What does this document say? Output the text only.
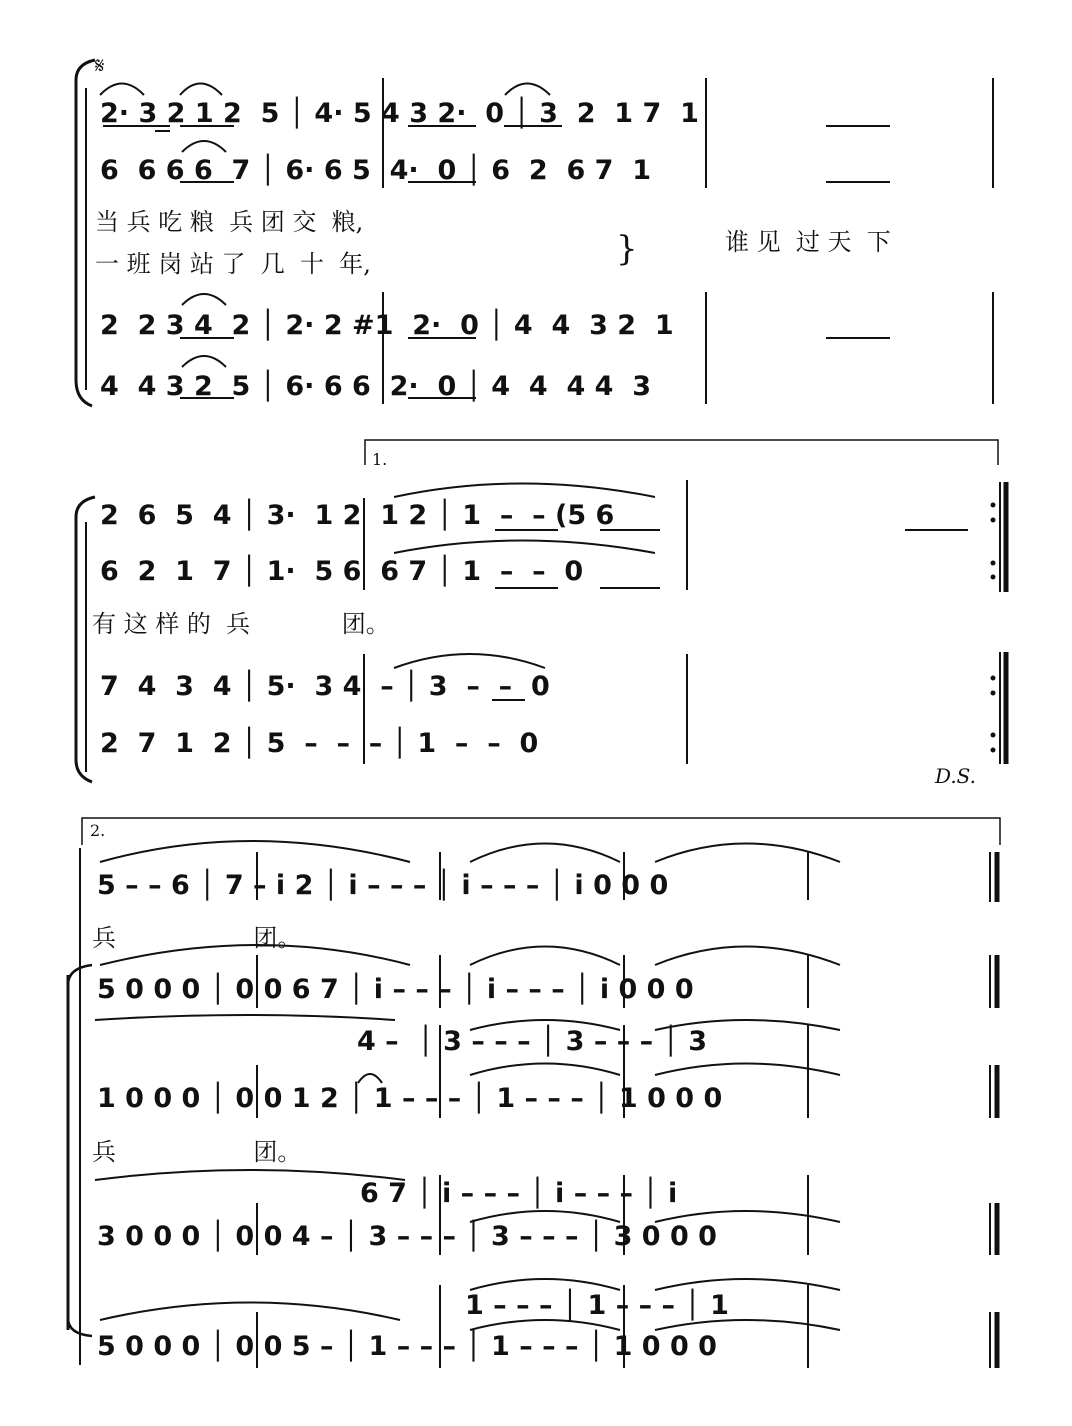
𝄋
2· 3 2 1 2  5 │ 4· 5 4 3 2·  0 │ 3  2  1 7  1
6  6 6 6  7 │ 6· 6 5  4·  0 │ 6  2  6 7  1
当 兵 吃 粮  兵 团 交  粮,
一 班 岗 站 了  几  十  年,	}	谁 见  过 天  下
2  2 3 4  2 │ 2· 2 #1  2·  0 │ 4  4  3 2  1
4  4 3 2  5 │ 6· 6 6  2·  0 │ 4  4  4 4  3
1.
2  6  5  4 │ 3·  1 2  1 2 │ 1  –  – (5 6
6  2  1  7 │ 1·  5 6  6 7 │ 1  –  –  0
有 这 样 的  兵            团。
7  4  3  4 │ 5·  3 4  – │ 3  –  –  0
2  7  1  2 │ 5  –  –  – │ 1  –  –  0
D.S.
2.
5 – – 6 │ 7 – i 2 │ i – – – │ i – – – │ i 0 0 0
兵                  团。
5 0 0 0 │ 0 0 6 7 │ i – – – │ i – – – │ i 0 0 0
4 –  │ 3 – – – │ 3 – – – │ 3
1 0 0 0 │ 0 0 1 2 │ 1 – – – │ 1 – – – │ 1 0 0 0
兵                  团。
6 7 │ i – – – │ i – – – │ i
3 0 0 0 │ 0 0 4 – │ 3 – – – │ 3 – – – │ 3 0 0 0
1 – – – │ 1 – – – │ 1
5 0 0 0 │ 0 0 5 – │ 1 – – – │ 1 – – – │ 1 0 0 0
